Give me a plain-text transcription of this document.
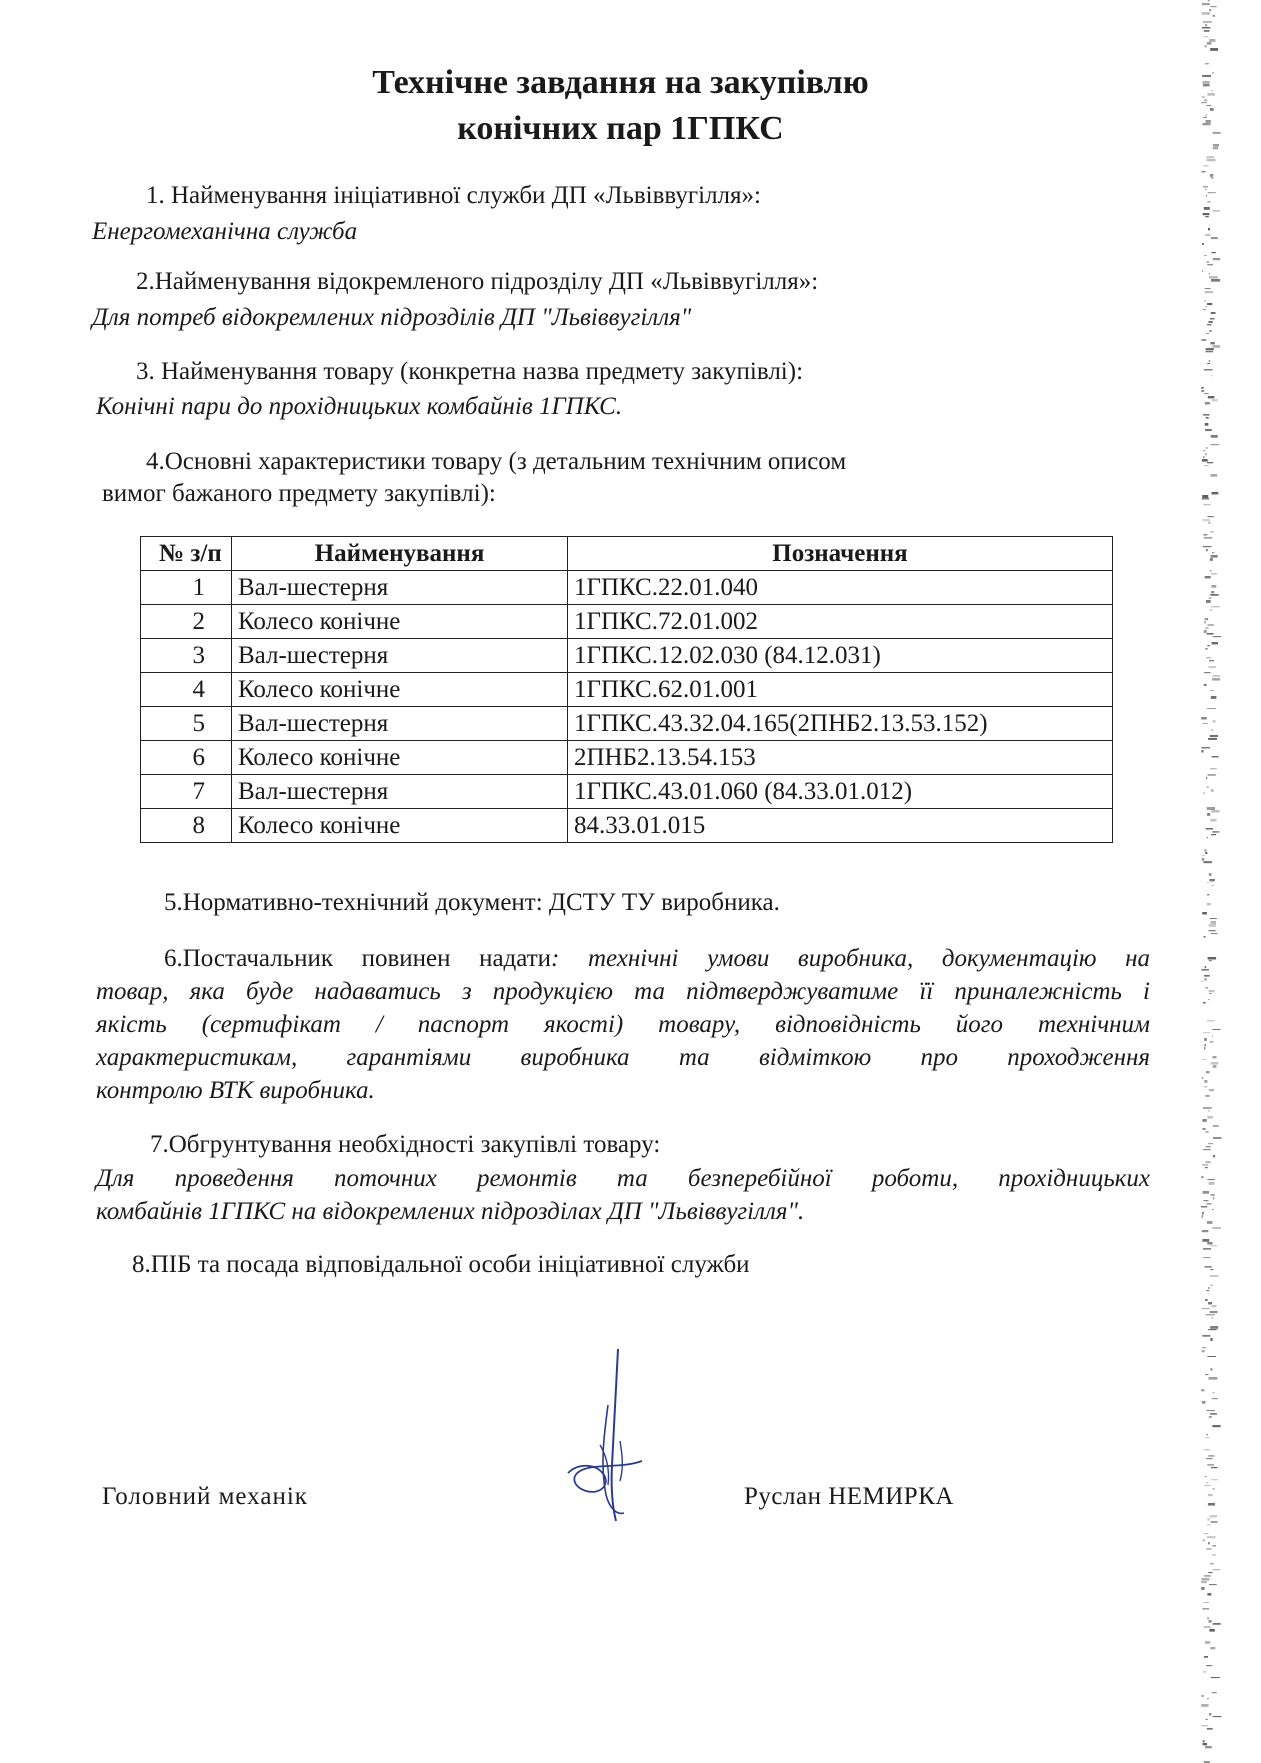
Технічне завдання на закупівлю
конічних пар 1ГПКС
1. Найменування ініціативної служби ДП «Львіввугілля»:
Енергомеханічна служба
2.Найменування відокремленого підрозділу ДП «Львіввугілля»:
Для потреб відокремлених підрозділів ДП "Львіввугілля"
3. Найменування товару (конкретна назва предмету закупівлі):
Конічні пари до прохідницьких комбайнів 1ГПКС.
4.Основні характеристики товару (з детальним технічним описом
вимог бажаного предмету закупівлі):
№ з/п	Найменування	Позначення
1	Вал-шестерня	1ГПКС.22.01.040
2	Колесо конічне	1ГПКС.72.01.002
3	Вал-шестерня	1ГПКС.12.02.030 (84.12.031)
4	Колесо конічне	1ГПКС.62.01.001
5	Вал-шестерня	1ГПКС.43.32.04.165(2ПНБ2.13.53.152)
6	Колесо конічне	2ПНБ2.13.54.153
7	Вал-шестерня	1ГПКС.43.01.060 (84.33.01.012)
8	Колесо конічне	84.33.01.015
5.Нормативно-технічний документ: ДСТУ ТУ виробника.

6.Постачальник повинен надати: технічні умови виробника, документацію на

товар, яка буде надаватись з продукцією та підтверджуватиме її приналежність і

якість (сертифікат / паспорт якості) товару, відповідність його технічним

характеристикам, гарантіями виробника та відміткою про проходження

контролю ВТК виробника.

7.Обгрунтування необхідності закупівлі товару:

Для проведення поточних ремонтів та безперебійної роботи, прохідницьких

комбайнів 1ГПКС на відокремлених підрозділах ДП "Львіввугілля".

8.ПІБ та посада відповідальної особи ініціативної служби
Головний механік	Руслан НЕМИРКА
